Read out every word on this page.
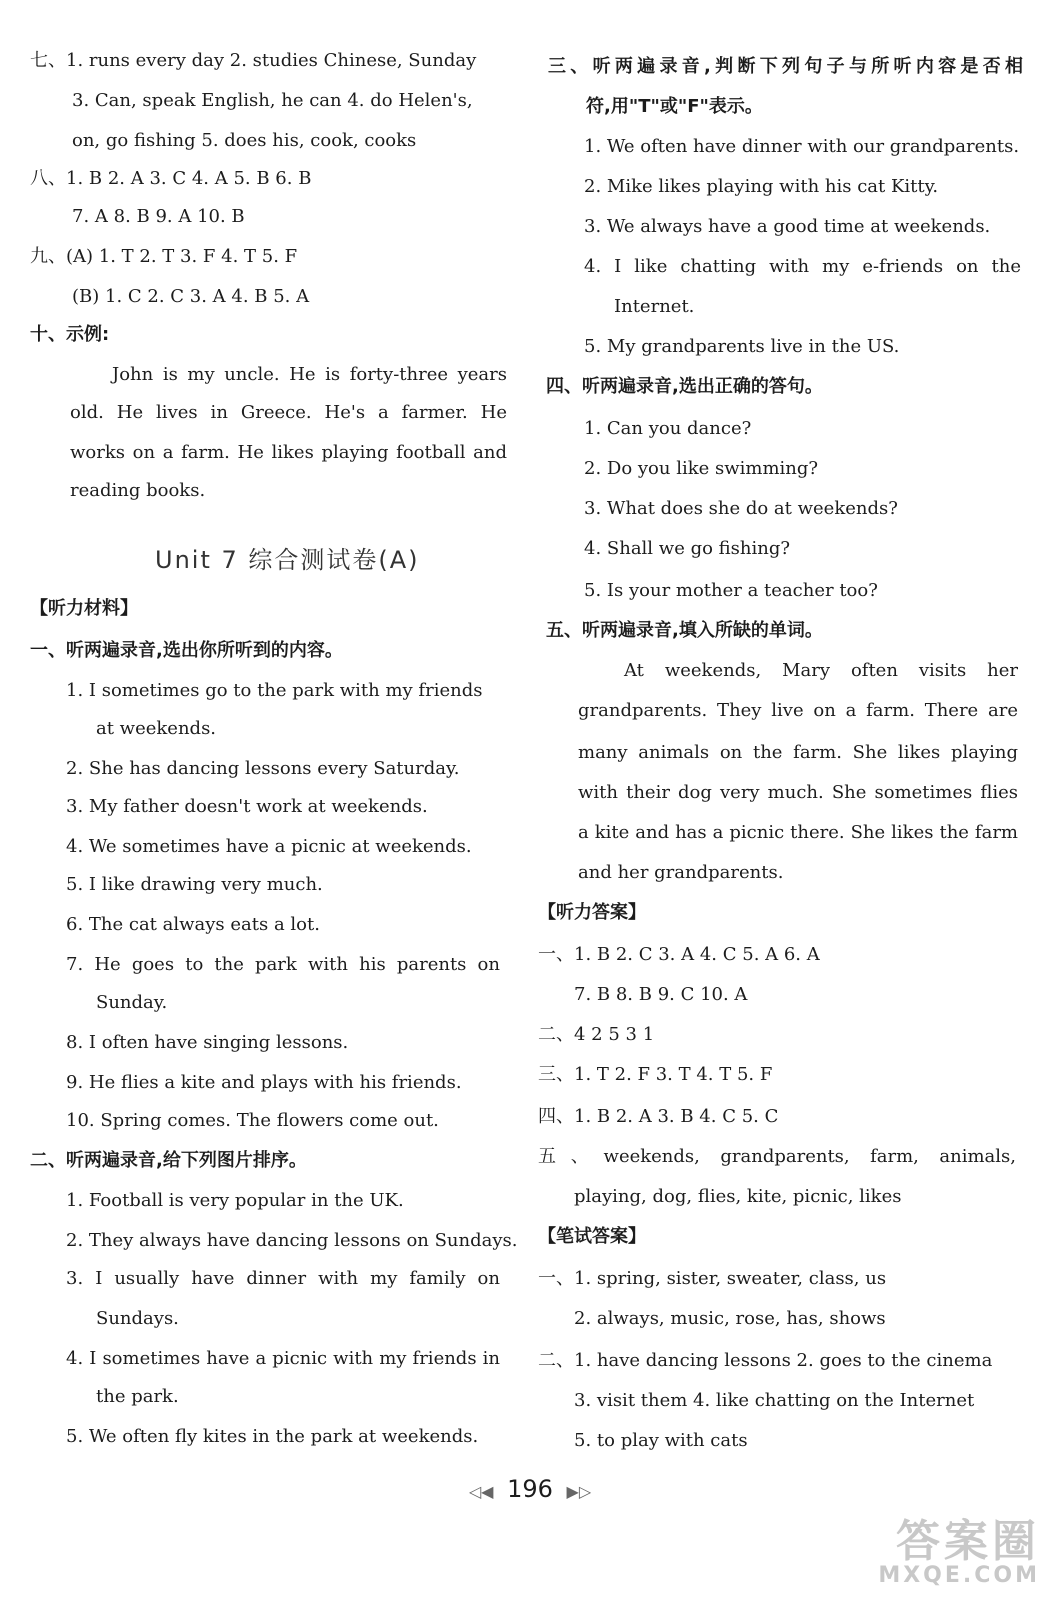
七、1. runs every day 2. studies Chinese, Sunday
3. Can, speak English, he can 4. do Helen's,
on, go fishing 5. does his, cook, cooks
八、1. B 2. A 3. C 4. A 5. B 6. B
7. A 8. B 9. A 10. B
九、(A) 1. T 2. T 3. F 4. T 5. F
(B) 1. C 2. C 3. A 4. B 5. A
十、示例:
John is my uncle. He is forty-three years
old. He lives in Greece. He's a farmer. He
works on a farm. He likes playing football and
reading books.
Unit 7 综合测试卷(A)
【听力材料】
一、听两遍录音,选出你所听到的内容。
1. I sometimes go to the park with my friends
at weekends.
2. She has dancing lessons every Saturday.
3. My father doesn't work at weekends.
4. We sometimes have a picnic at weekends.
5. I like drawing very much.
6. The cat always eats a lot.
7. He goes to the park with his parents on
Sunday.
8. I often have singing lessons.
9. He flies a kite and plays with his friends.
10. Spring comes. The flowers come out.
二、听两遍录音,给下列图片排序。
1. Football is very popular in the UK.
2. They always have dancing lessons on Sundays.
3. I usually have dinner with my family on
Sundays.
4. I sometimes have a picnic with my friends in
the park.
5. We often fly kites in the park at weekends.
三、听两遍录音,判断下列句子与所听内容是否相
符,用"T"或"F"表示。
1. We often have dinner with our grandparents.
2. Mike likes playing with his cat Kitty.
3. We always have a good time at weekends.
4. I like chatting with my e-friends on the
Internet.
5. My grandparents live in the US.
四、听两遍录音,选出正确的答句。
1. Can you dance?
2. Do you like swimming?
3. What does she do at weekends?
4. Shall we go fishing?
5. Is your mother a teacher too?
五、听两遍录音,填入所缺的单词。
At weekends, Mary often visits her
grandparents. They live on a farm. There are
many animals on the farm. She likes playing
with their dog very much. She sometimes flies
a kite and has a picnic there. She likes the farm
and her grandparents.
【听力答案】
一、1. B 2. C 3. A 4. C 5. A 6. A
7. B 8. B 9. C 10. A
二、4 2 5 3 1
三、1. T 2. F 3. T 4. T 5. F
四、1. B 2. A 3. B 4. C 5. C
五、weekends, grandparents, farm, animals,
playing, dog, flies, kite, picnic, likes
【笔试答案】
一、1. spring, sister, sweater, class, us
2. always, music, rose, has, shows
二、1. have dancing lessons 2. goes to the cinema
3. visit them 4. like chatting on the Internet
5. to play with cats
◁◀ 196 ▶▷
答案圈
MXQE.COM
